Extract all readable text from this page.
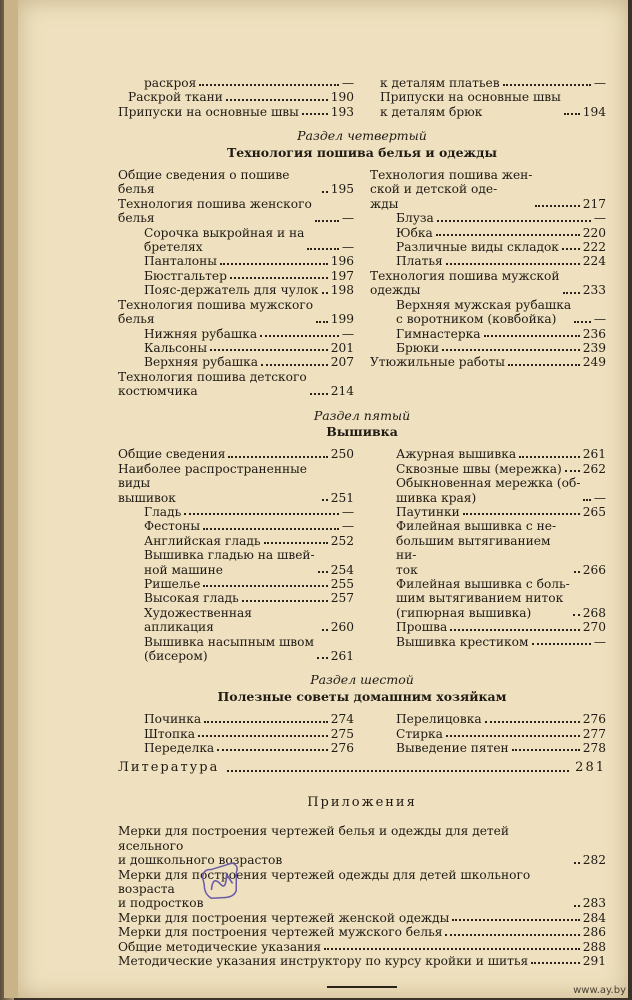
раскроя	—
Раскрой ткани	190
Припуски на основные швы	193
к деталям платьев	—
Припуски на основные швы
к деталям брюк	194
Раздел четвертый
Технология пошива белья и одежды
Общие сведения о пошиве белья	195
Технология пошива женского
белья	—
Сорочка выкройная и на
бретелях	—
Панталоны	196
Бюстгальтер	197
Пояс-держатель для чулок 198
Технология пошива мужского
белья	199
Нижняя рубашка	—
Кальсоны	201
Верхняя рубашка	207
Технология пошива детского
костюмчика	214
Технология пошива жен-
ской и детской оде-
жды	217
Блуза	—
Юбка	220
Различные виды складок 222
Платья	224
Технология пошива мужской
одежды	233
Верхняя мужская рубашка
с воротником (ковбойка)	—
Гимнастерка	236
Брюки	239
Утюжильные работы	249
Раздел пятый
Вышивка
Общие сведения	250
Наиболее распространенные виды
вышивок	251
Гладь	—
Фестоны	—
Английская гладь	252
Вышивка гладью на швей-
ной машине	254
Ришелье	255
Высокая гладь	257
Художественная апликация	260
Вышивка насыпным швом
(бисером)	261
Ажурная вышивка	261
Сквозные швы (мережка) 262
Обыкновенная мережка (об-
шивка края)	—
Паутинки	265
Филейная вышивка с не-
большим вытягиванием ни-
ток	266
Филейная вышивка с боль-
шим вытягиванием ниток
(гипюрная вышивка)	268
Прошва	270
Вышивка крестиком	—
Раздел шестой
Полезные советы домашним хозяйкам
Починка	274
Штопка	275
Переделка	276
Перелицовка	276
Стирка	277
Выведение пятен	278
Литература	281
Приложения
Мерки для построения чертежей белья и одежды для детей ясельного
и дошкольного возрастов	282
Мерки для построения чертежей одежды для детей школьного возраста
и подростков	283
Мерки для построения чертежей женской одежды	284
Мерки для построения чертежей мужского белья	286
Общие методические указания	288
Методические указания инструктору по курсу кройки и шитья	291
www.ay.by
